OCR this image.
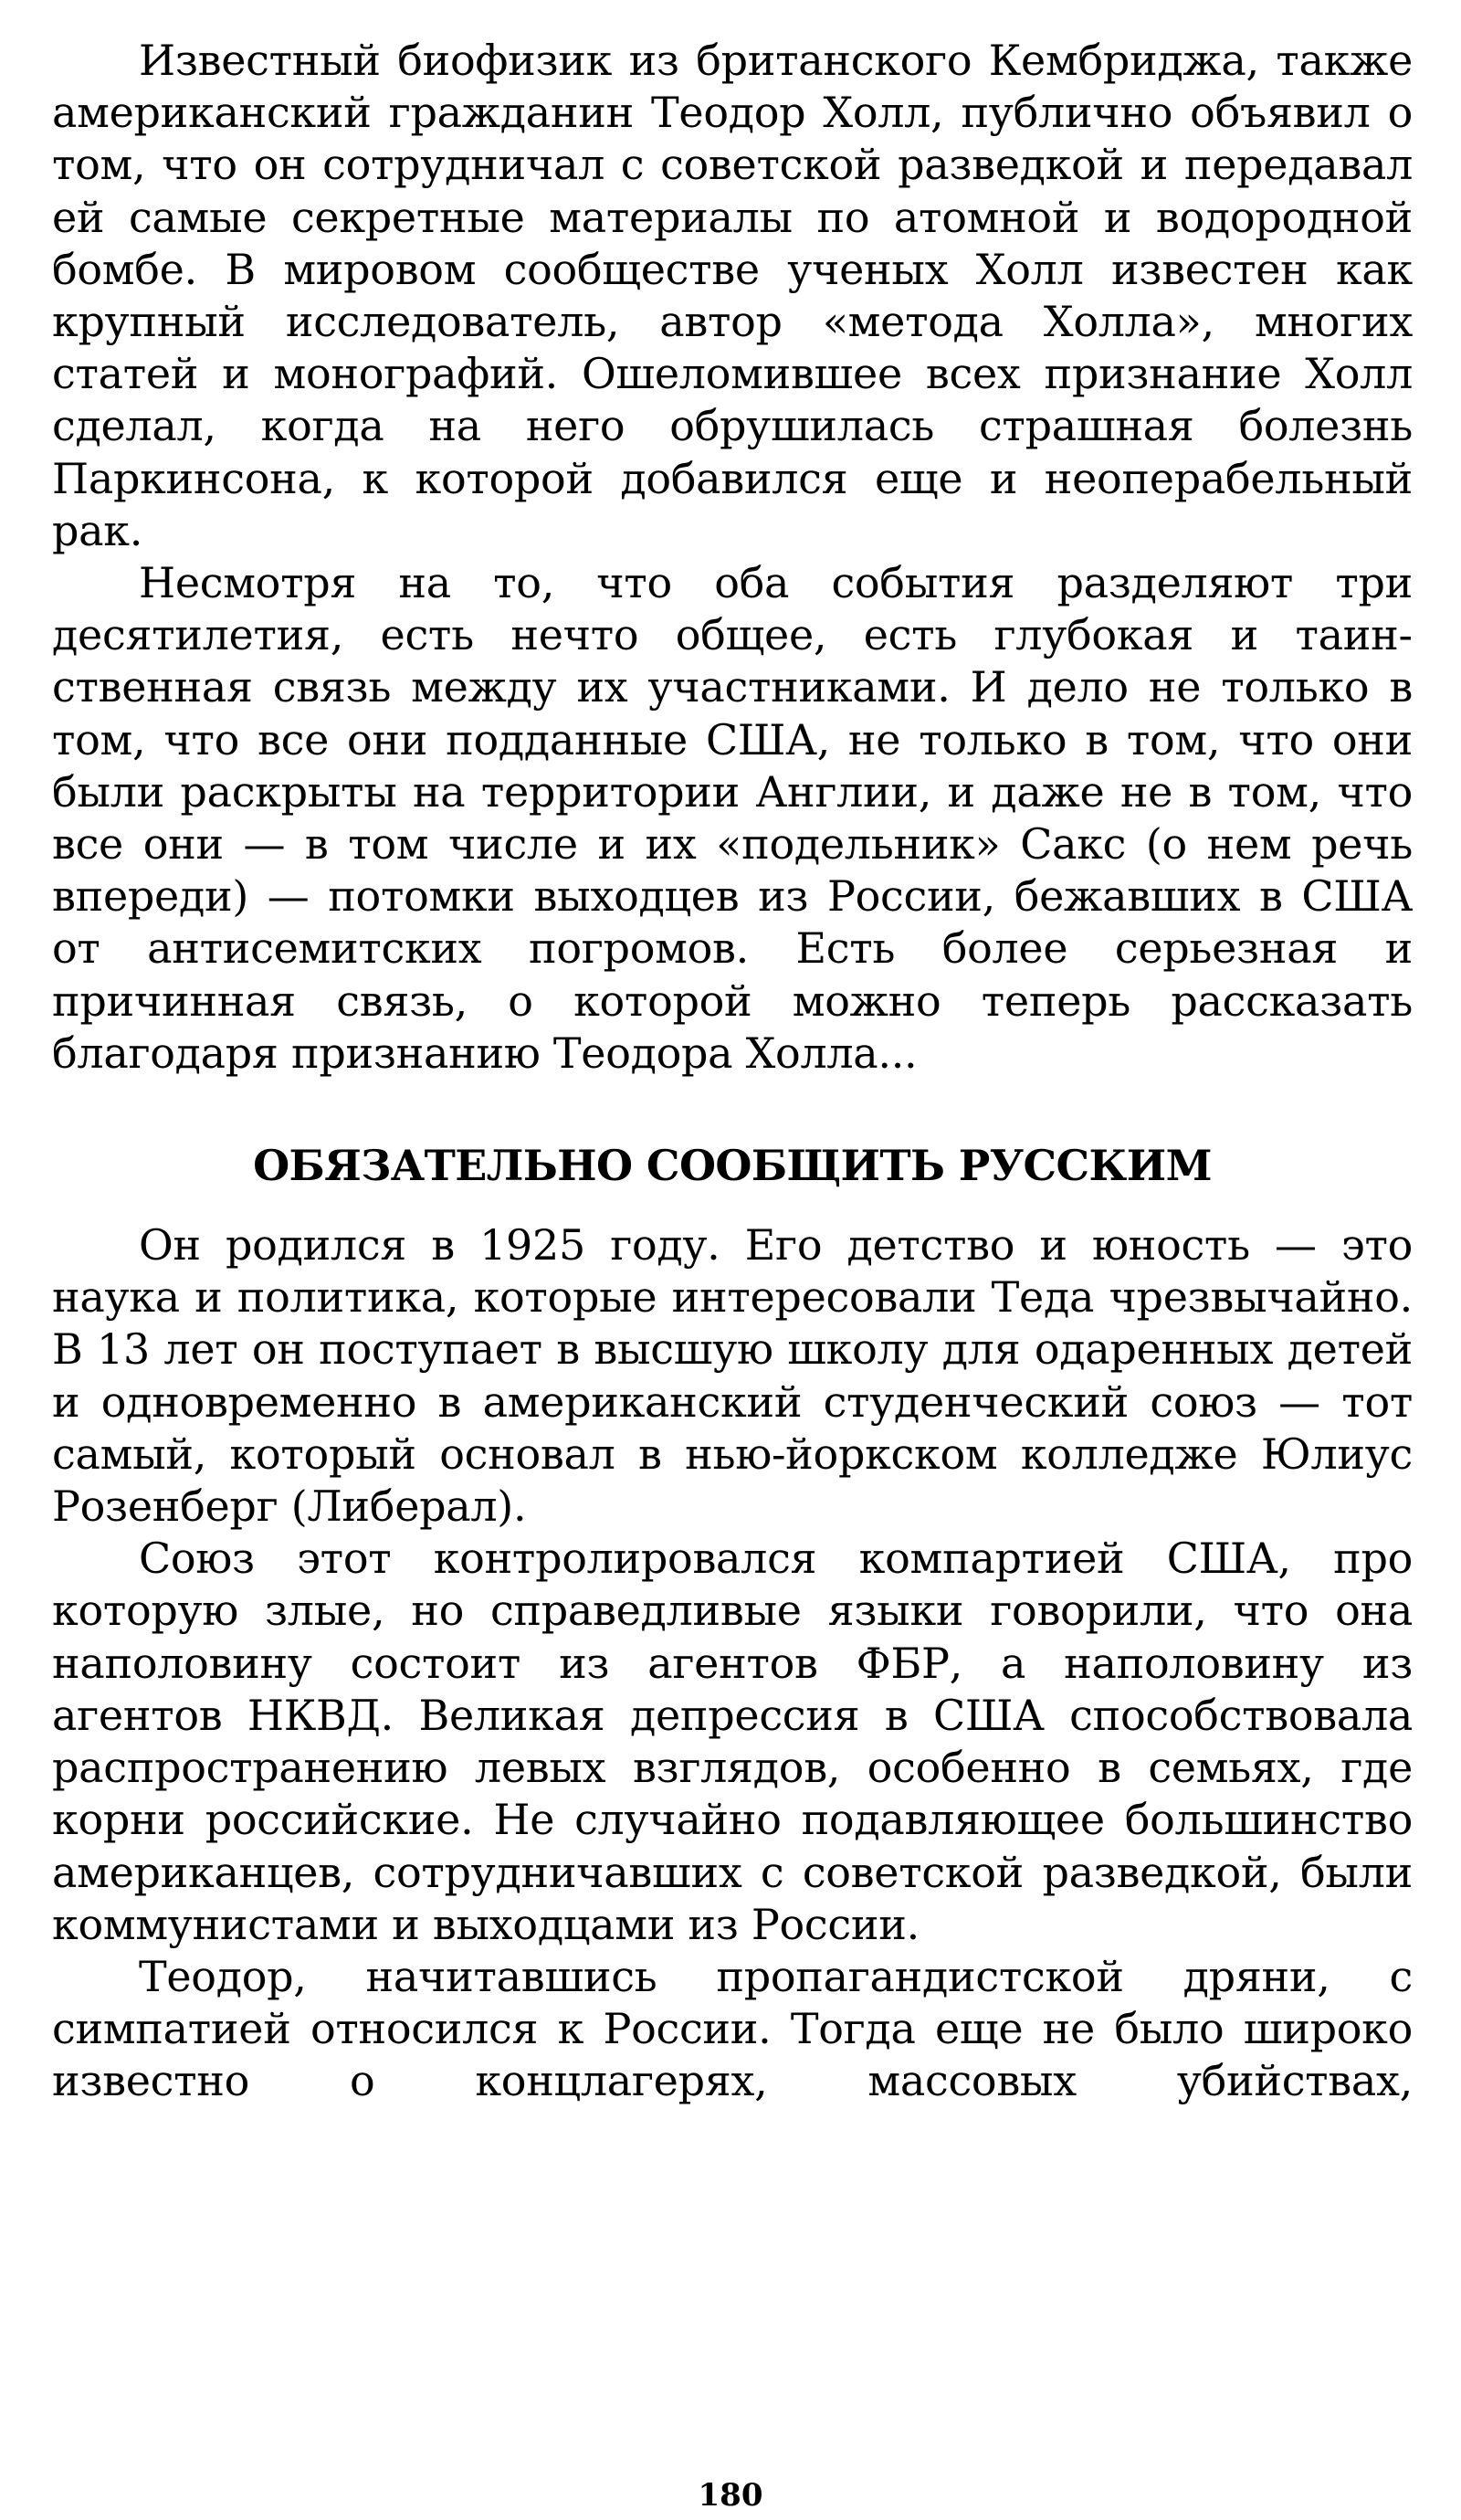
Известный биофизик из британского Кембриджа, также американский гражданин Теодор Холл, публично объявил о том, что он сотрудничал с советской разведкой и передавал ей самые секретные материалы по атомной и водородной бомбе. В мировом сообществе ученых Холл известен как крупный исследователь, автор «метода Холла», многих статей и монографий. Ошеломившее всех признание Холл сделал, когда на него обрушилась страшная болезнь Паркинсона, к которой добавился еще и неоперабельный рак.

Несмотря на то, что оба события разделяют три десятилетия, есть нечто общее, есть глубокая и таинственная связь между их участниками. И дело не только в том, что все они подданные США, не только в том, что они были раскрыты на территории Англии, и даже не в том, что все они — в том числе и их «подельник» Сакс (о нем речь впереди) — потомки выходцев из России, бежавших в США от антисемитских погромов. Есть более серьезная и причинная связь, о которой можно теперь рассказать благодаря признанию Теодора Холла...

ОБЯЗАТЕЛЬНО СООБЩИТЬ РУССКИМ

Он родился в 1925 году. Его детство и юность — это наука и политика, которые интересовали Теда чрезвычайно. В 13 лет он поступает в высшую школу для одаренных детей и одновременно в американский студенческий союз — тот самый, который основал в нью-йоркском колледже Юлиус Розенберг (Либерал).

Союз этот контролировался компартией США, про которую злые, но справедливые языки говорили, что она наполовину состоит из агентов ФБР, а наполовину из агентов НКВД. Великая депрессия в США способствовала распространению левых взглядов, особенно в семьях, где корни российские. Не случайно подавляющее большинство американцев, сотрудничавших с советской разведкой, были коммунистами и выходцами из России.

Теодор, начитавшись пропагандистской дряни, с симпатией относился к России. Тогда еще не было широко известно о концлагерях, массовых убийствах,

180
